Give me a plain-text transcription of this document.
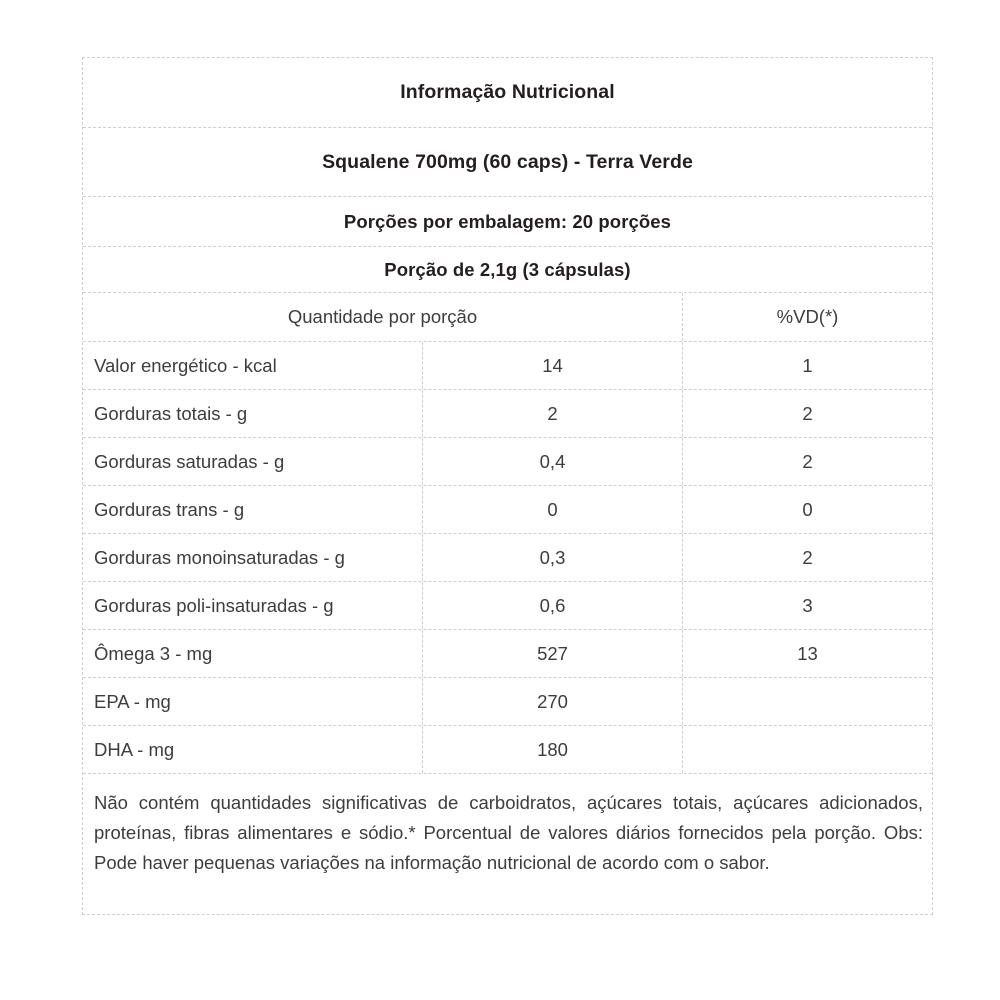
Informação Nutricional
Squalene 700mg (60 caps) - Terra Verde
Porções por embalagem: 20 porções
Porção de 2,1g (3 cápsulas)
Quantidade por porção	%VD(*)
Valor energético - kcal	14	1
Gorduras totais - g	2	2
Gorduras saturadas - g	0,4	2
Gorduras trans - g	0	0
Gorduras monoinsaturadas - g	0,3	2
Gorduras poli-insaturadas - g	0,6	3
Ômega 3 - mg	527	13
EPA - mg	270
DHA - mg	180

Não contém quantidades significativas de carboidratos, açúcares totais, açúcares adicionados, proteínas, fibras alimentares e sódio.* Porcentual de valores diários fornecidos pela porção. Obs: Pode haver pequenas variações na informação nutricional de acordo com o sabor.
